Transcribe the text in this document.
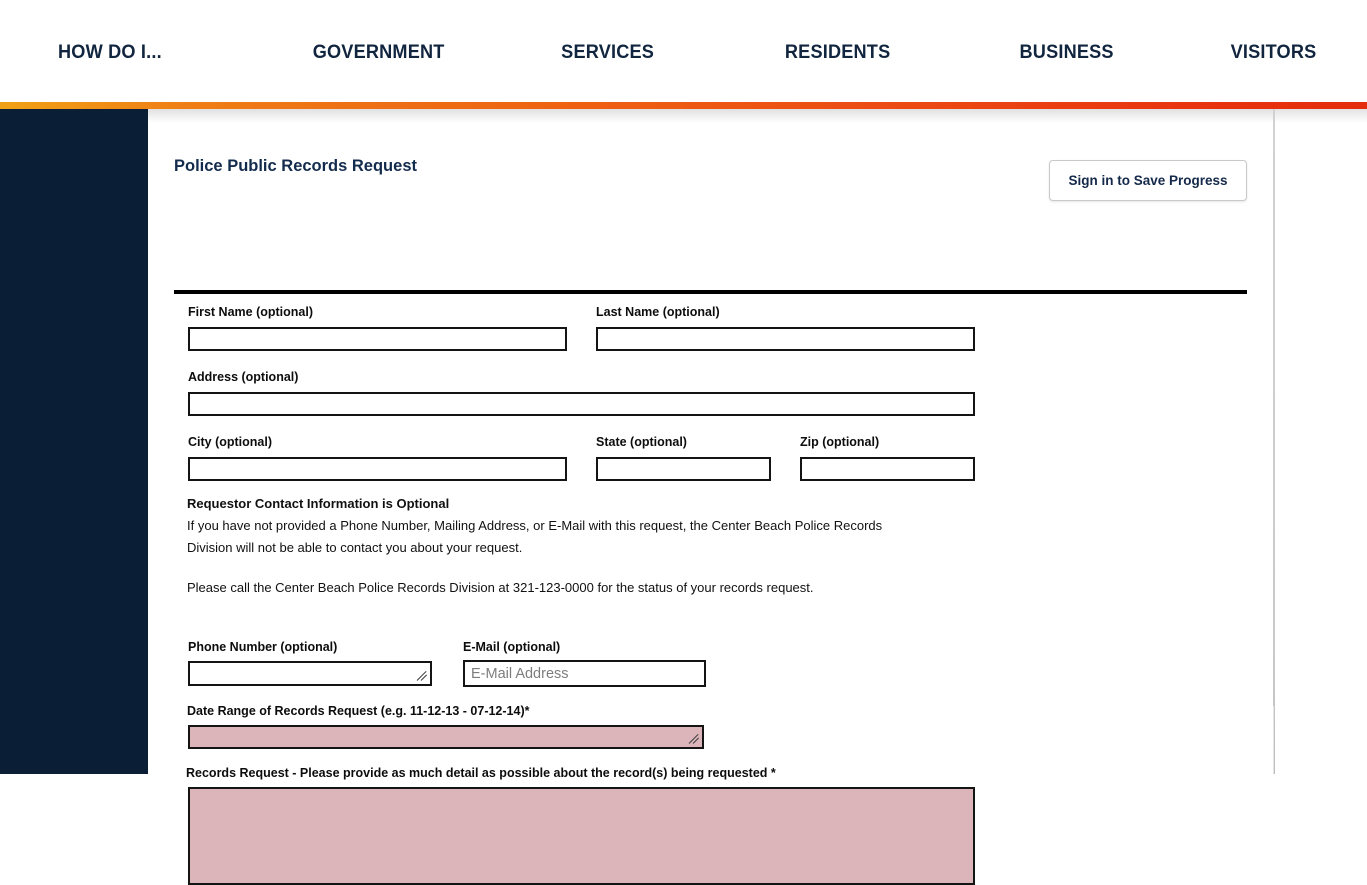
HOW DO I...	GOVERNMENT	SERVICES	RESIDENTS	BUSINESS	VISITORS
Police Public Records Request
Sign in to Save Progress
First Name (optional)	Last Name (optional)
Address (optional)
City (optional)	State (optional)	Zip (optional)
Requestor Contact Information is Optional
If you have not provided a Phone Number, Mailing Address, or E-Mail with this request, the Center Beach Police Records
Division will not be able to contact you about your request.
Please call the Center Beach Police Records Division at 321-123-0000 for the status of your records request.
Phone Number (optional)	E-Mail (optional)
E-Mail Address
Date Range of Records Request (e.g. 11-12-13 - 07-12-14)*
Records Request - Please provide as much detail as possible about the record(s) being requested *
